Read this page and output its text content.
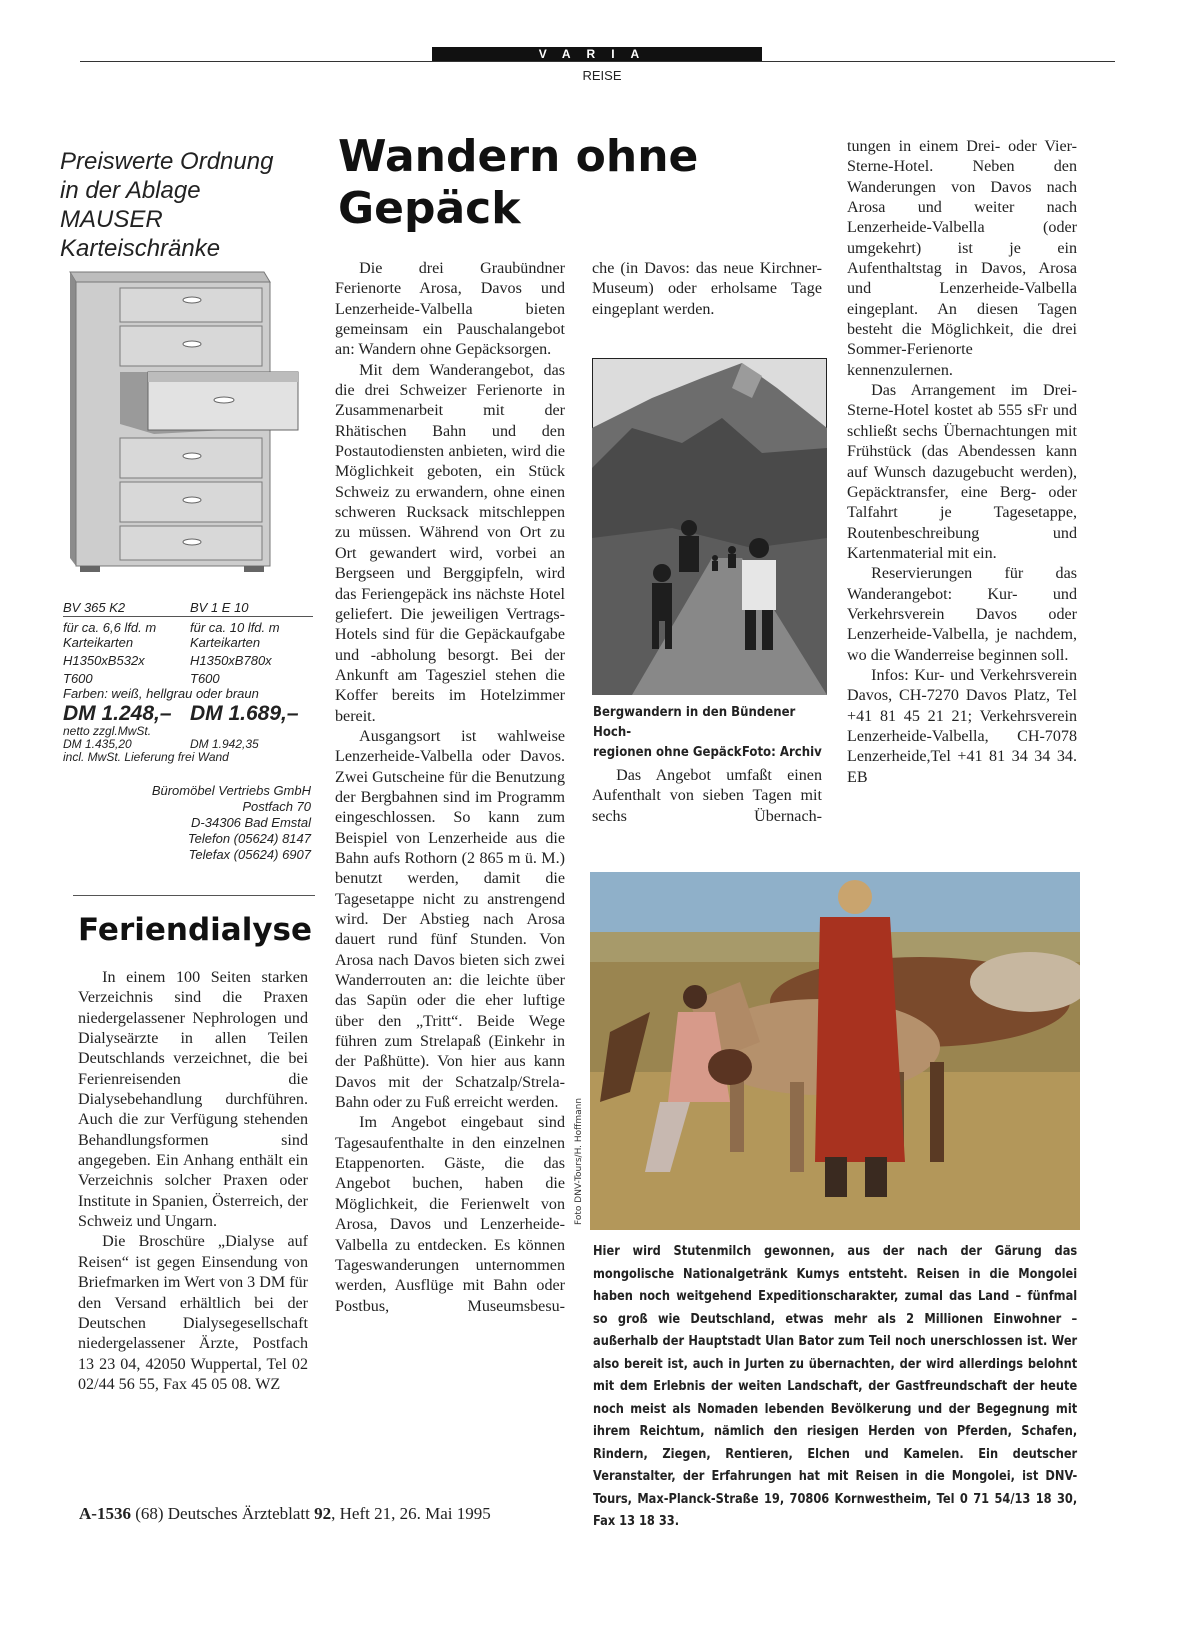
VARIA
REISE
Preiswerte Ordnung
in der Ablage
MAUSER
Karteischränke
BV 365 K2	BV 1 E 10
für ca. 6,6 lfd. m	für ca. 10 lfd. m
Karteikarten	Karteikarten
H1350xB532x	H1350xB780x
T600	T600
Farben: weiß, hellgrau oder braun
DM 1.248,– DM 1.689,–
netto zzgl.MwSt.
DM 1.435,20	DM 1.942,35
incl. MwSt. Lieferung frei Wand
Büromöbel Vertriebs GmbH
Postfach 70
D-34306 Bad Emstal
Telefon (05624) 8147
Telefax (05624) 6907
Feriendialyse

In einem 100 Seiten starken Verzeichnis sind die Praxen niedergelassener Nephrologen und Dialyseärzte in allen Teilen Deutschlands verzeichnet, die bei Ferienreisenden die Dialysebehandlung durchführen. Auch die zur Verfügung stehenden Behandlungsformen sind angegeben. Ein Anhang enthält ein Verzeichnis solcher Praxen oder Institute in Spanien, Österreich, der Schweiz und Ungarn.

Die Broschüre „Dialyse auf Reisen“ ist gegen Einsendung von Briefmarken im Wert von 3 DM für den Versand erhältlich bei der Deutschen Dialysegesellschaft niedergelassener Ärzte, Postfach 13 23 04, 42050 Wuppertal, Tel 02 02/44 56 55, Fax 45 05 08. WZ

Wandern ohne
Gepäck

Die drei Graubündner Ferienorte Arosa, Davos und Lenzerheide-Valbella bieten gemeinsam ein Pauschalangebot an: Wandern ohne Gepäcksorgen.

Mit dem Wanderangebot, das die drei Schweizer Ferienorte in Zusammenarbeit mit der Rhätischen Bahn und den Postautodiensten anbieten, wird die Möglichkeit geboten, ein Stück Schweiz zu erwandern, ohne einen schweren Rucksack mitschleppen zu müssen. Während von Ort zu Ort gewandert wird, vorbei an Bergseen und Berggipfeln, wird das Feriengepäck ins nächste Hotel geliefert. Die jeweiligen Vertrags-Hotels sind für die Gepäckaufgabe und -abholung besorgt. Bei der Ankunft am Tagesziel stehen die Koffer bereits im Hotelzimmer bereit.

Ausgangsort ist wahlweise Lenzerheide-Valbella oder Davos. Zwei Gutscheine für die Benutzung der Bergbahnen sind im Programm eingeschlossen. So kann zum Beispiel von Lenzerheide aus die Bahn aufs Rothorn (2 865 m ü. M.) benutzt werden, damit die Tagesetappe nicht zu anstrengend wird. Der Abstieg nach Arosa dauert rund fünf Stunden. Von Arosa nach Davos bieten sich zwei Wanderrouten an: die leichte über das Sapün oder die eher luftige über den „Tritt“. Beide Wege führen zum Strelapaß (Einkehr in der Paßhütte). Von hier aus kann Davos mit der Schatzalp/Strela-Bahn oder zu Fuß erreicht werden.

Im Angebot eingebaut sind Tagesaufenthalte in den einzelnen Etappenorten. Gäste, die das Angebot buchen, haben die Möglichkeit, die Ferienwelt von Arosa, Davos und Lenzerheide-Valbella zu entdecken. Es können Tageswanderungen unternommen werden, Ausflüge mit Bahn oder Postbus, Museumsbesu-

che (in Davos: das neue Kirchner-Museum) oder erholsame Tage eingeplant werden.

Bergwandern in den Bündener Hoch-
regionen ohne Gepäck Foto: Archiv

Das Angebot umfaßt einen Aufenthalt von sieben Tagen mit sechs Übernach-

tungen in einem Drei- oder Vier-Sterne-Hotel. Neben den Wanderungen von Davos nach Arosa und weiter nach Lenzerheide-Valbella (oder umgekehrt) ist je ein Aufenthaltstag in Davos, Arosa und Lenzerheide-Valbella eingeplant. An diesen Tagen besteht die Möglichkeit, die drei Sommer-Ferienorte kennenzulernen.

Das Arrangement im Drei-Sterne-Hotel kostet ab 555 sFr und schließt sechs Übernachtungen mit Frühstück (das Abendessen kann auf Wunsch dazugebucht werden), Gepäcktransfer, eine Berg- oder Talfahrt je Tagesetappe, Routenbeschreibung und Kartenmaterial mit ein.

Reservierungen für das Wanderangebot: Kur- und Verkehrsverein Davos oder Lenzerheide-Valbella, je nachdem, wo die Wanderreise beginnen soll.

Infos: Kur- und Verkehrsverein Davos, CH-7270 Davos Platz, Tel +41 81 45 21 21; Verkehrsverein Lenzerheide-Valbella, CH-7078 Lenzerheide,Tel +41 81 34 34 34. EB

Foto DNV-Tours/H. Hoffmann
Hier wird Stutenmilch gewonnen, aus der nach der Gärung das mongolische Nationalgetränk Kumys entsteht. Reisen in die Mongolei haben noch weitgehend Expeditionscharakter, zumal das Land – fünfmal so groß wie Deutschland, etwas mehr als 2 Millionen Einwohner – außerhalb der Hauptstadt Ulan Bator zum Teil noch unerschlossen ist. Wer also bereit ist, auch in Jurten zu übernachten, der wird allerdings belohnt mit dem Erlebnis der weiten Landschaft, der Gastfreundschaft der heute noch meist als Nomaden lebenden Bevölkerung und der Begegnung mit ihrem Reichtum, nämlich den riesigen Herden von Pferden, Schafen, Rindern, Ziegen, Rentieren, Elchen und Kamelen. Ein deutscher Veranstalter, der Erfahrungen hat mit Reisen in die Mongolei, ist DNV-Tours, Max-Planck-Straße 19, 70806 Kornwestheim, Tel 0 71 54/13 18 30, Fax 13 18 33.
A-1536 (68) Deutsches Ärzteblatt 92, Heft 21, 26. Mai 1995
